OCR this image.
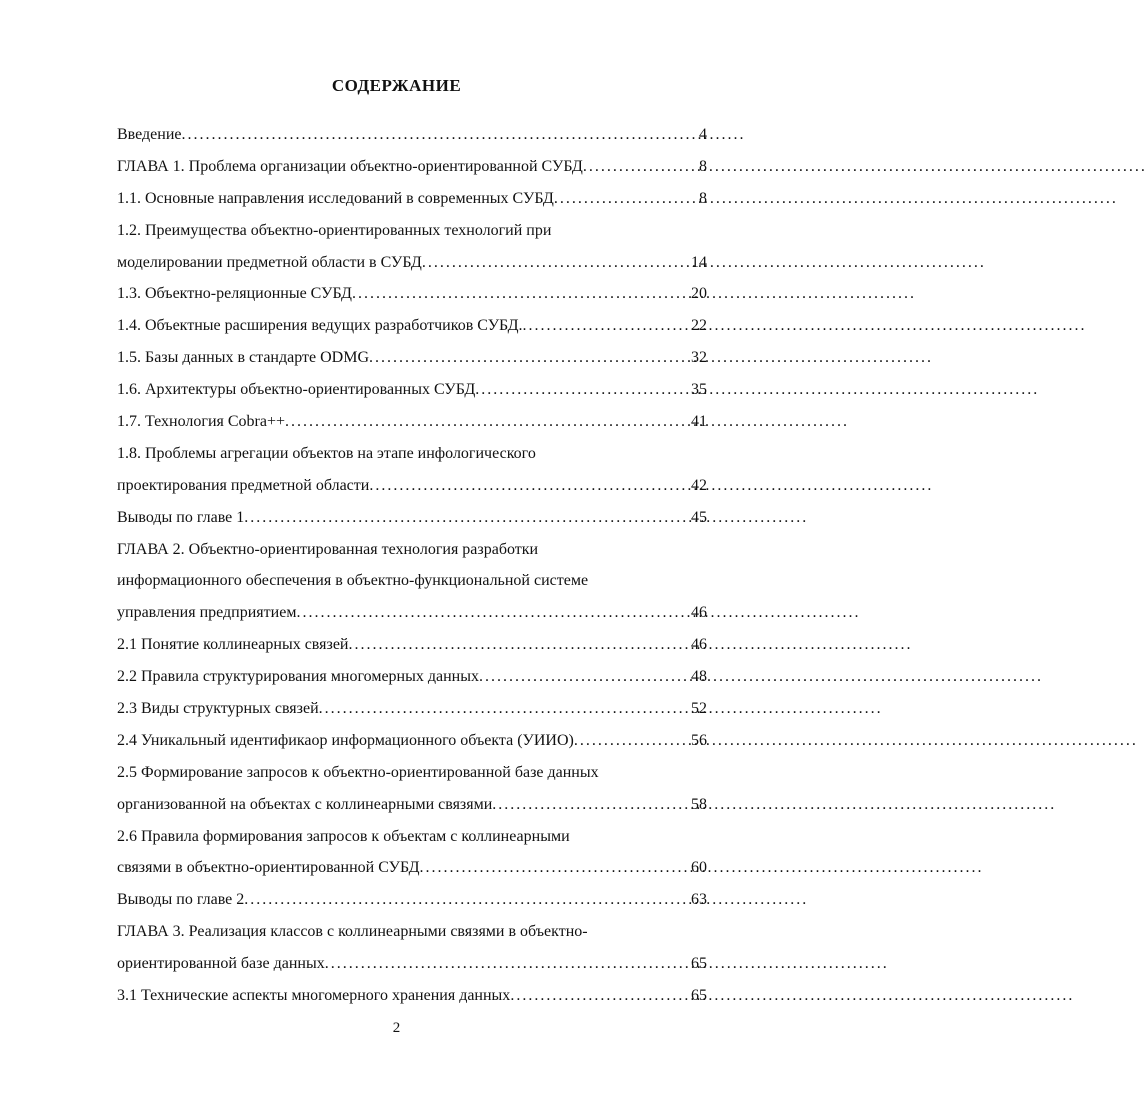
СОДЕРЖАНИЕ
Введение . . .	4
ГЛАВА 1. Проблема организации объектно-ориентированной СУБД . . .	8
1.1. Основные направления исследований в современных СУБД . . .	8
1.2. Преимущества объектно-ориентированных технологий при
моделировании предметной области в СУБД . . .	14
1.3. Объектно-реляционные СУБД . . .	20
1.4. Объектные расширения ведущих разработчиков СУБД. . . .	22
1.5. Базы данных в стандарте ODMG . . .	32
1.6. Архитектуры объектно-ориентированных СУБД . . .	35
1.7. Технология Cobra++ . . .	41
1.8. Проблемы агрегации объектов на этапе инфологического
проектирования предметной области . . .	42
Выводы по главе 1 . . .	45
ГЛАВА 2. Объектно-ориентированная технология разработки
информационного обеспечения в объектно-функциональной системе
управления предприятием . . .	46
2.1 Понятие коллинеарных связей . . .	46
2.2 Правила структурирования многомерных данных . . .	48
2.3 Виды структурных связей . . .	52
2.4 Уникальный идентификаор информационного объекта (УИИО) . . .	56
2.5 Формирование запросов к объектно-ориентированной базе данных
организованной на объектах с коллинеарными связями . . .	58
2.6 Правила формирования запросов к объектам с коллинеарными
связями в объектно-ориентированной СУБД . . .	60
Выводы по главе 2 . . .	63
ГЛАВА 3. Реализация классов с коллинеарными связями в объектно-
ориентированной базе данных . . .	65
3.1 Технические аспекты многомерного хранения данных . . .	65
2
